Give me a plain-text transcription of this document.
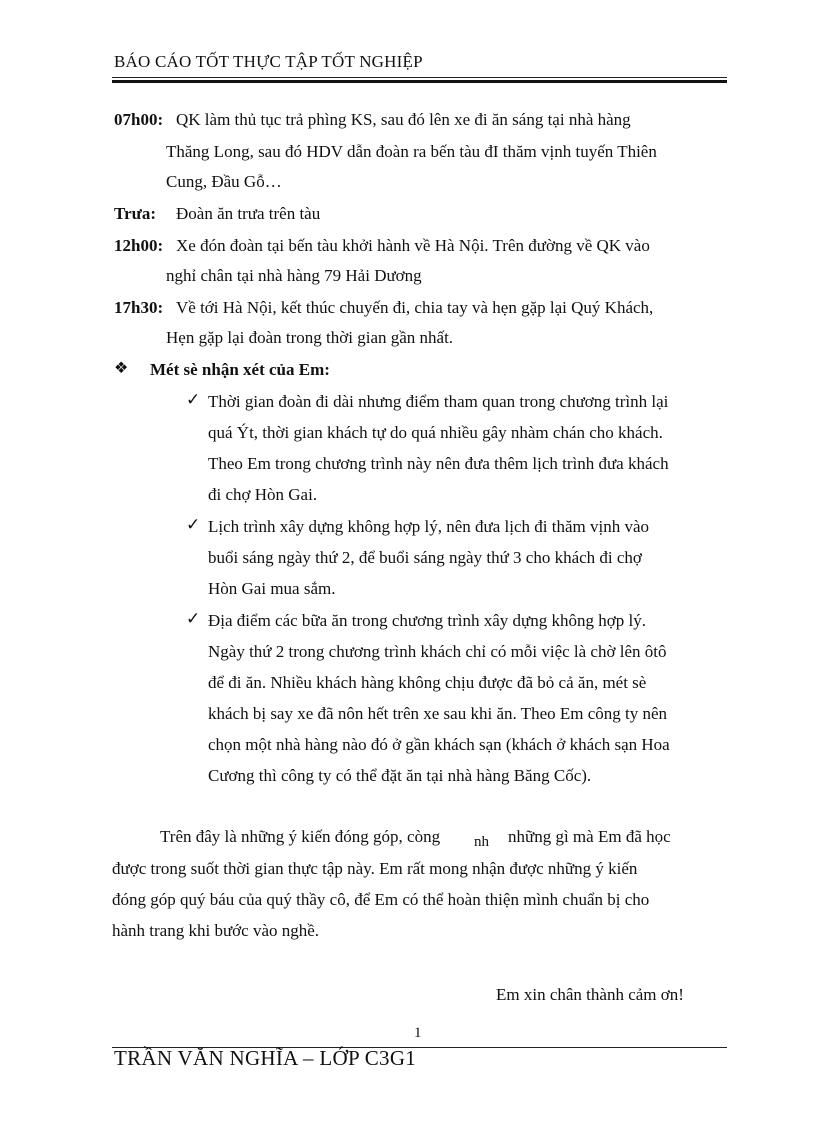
BÁO CÁO TỐT THỰC TẬP TỐT NGHIỆP
07h00: QK làm thủ tục trả phìng KS, sau đó lên xe đi ăn sáng tại nhà hàng
Thăng Long, sau đó HDV dẫn đoàn ra bến tàu đI thăm vịnh tuyến Thiên
Cung, Đầu Gỗ…
Trưa: Đoàn ăn trưa trên tàu
12h00: Xe đón đoàn tại bến tàu khởi hành về Hà Nội. Trên đường về QK vào
nghỉ chân tại nhà hàng 79 Hải Dương
17h30: Về tới Hà Nội, kết thúc chuyến đi, chia tay và hẹn gặp lại Quý Khách,
Hẹn gặp lại đoàn trong thời gian gần nhất.
❖ Mét sè nhận xét của Em:
✓ Thời gian đoàn đi dài nhưng điểm tham quan trong chương trình lại
quá Ýt, thời gian khách tự do quá nhiều gây nhàm chán cho khách.
Theo Em trong chương trình này nên đưa thêm lịch trình đưa khách
đi chợ Hòn Gai.
✓ Lịch trình xây dựng không hợp lý, nên đưa lịch đi thăm vịnh vào
buổi sáng ngày thứ 2, để buổi sáng ngày thứ 3 cho khách đi chợ
Hòn Gai mua sắm.
✓ Địa điểm các bữa ăn trong chương trình xây dựng không hợp lý.
Ngày thứ 2 trong chương trình khách chỉ có mỗi việc là chờ lên ôtô
để đi ăn. Nhiều khách hàng không chịu được đã bỏ cả ăn, mét sè
khách bị say xe đã nôn hết trên xe sau khi ăn. Theo Em công ty nên
chọn một nhà hàng nào đó ở gần khách sạn (khách ở khách sạn Hoa
Cương thì công ty có thể đặt ăn tại nhà hàng Băng Cốc).
Trên đây là những ý kiến đóng góp, còng nh những gì mà Em đã học
được trong suốt thời gian thực tập này. Em rất mong nhận được những ý kiến
đóng góp quý báu của quý thầy cô, để Em có thể hoàn thiện mình chuẩn bị cho
hành trang khi bước vào nghề.
Em xin chân thành cảm ơn!
1
TRẦN VĂN NGHĨA – LỚP C3G1
